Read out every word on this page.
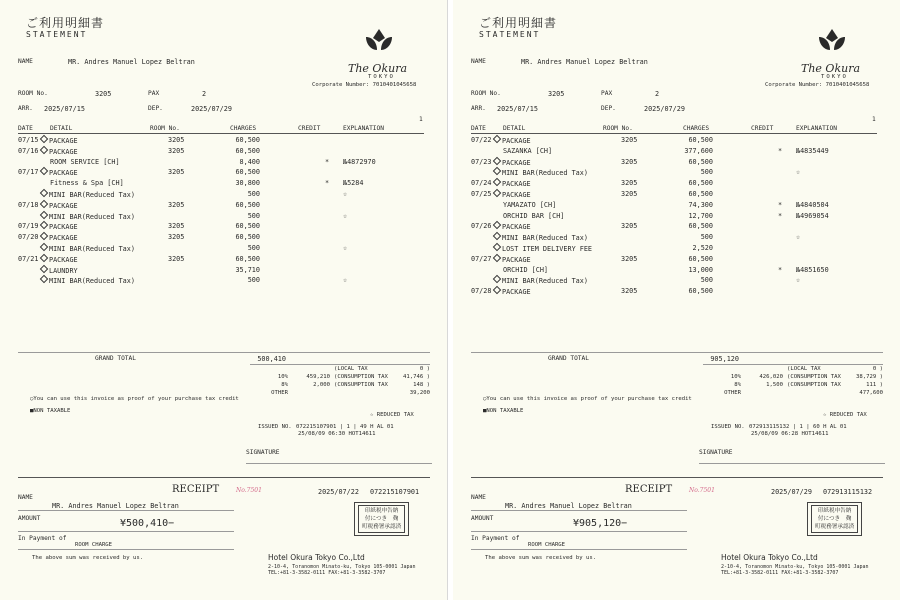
ご利用明細書
STATEMENT
The Okura
TOKYO
Corporate Number: 7010401045658
NAME	MR. Andres Manuel Lopez Beltran
ROOM No.	3205	PAX	2
ARR. 2025/07/15	DEP.	2025/07/29
1
DATE	DETAIL	ROOM No.	CHARGES	CREDIT	EXPLANATION
07/15	PACKAGE	3205	60,500
07/16	PACKAGE	3205	60,500
ROOM SERVICE [CH]	8,400	* №4872970
07/17	PACKAGE	3205	60,500
Fitness & Spa [CH]	30,800	* №5284
MINI BAR(Reduced Tax)	500	☆
07/18	PACKAGE	3205	60,500
MINI BAR(Reduced Tax)	500	☆
07/19	PACKAGE	3205	60,500
07/20	PACKAGE	3205	60,500
MINI BAR(Reduced Tax)	500	☆
07/21	PACKAGE	3205	60,500
LAUNDRY	35,710
MINI BAR(Reduced Tax)	500	☆
GRAND TOTAL	500,410
(LOCAL TAX	0 )
10%	459,210 (CONSUMPTION TAX	41,746 )
8%	2,000 (CONSUMPTION TAX	148 )
OTHER	39,200
○You can use this invoice as proof of your purchase tax credit
■NON TAXABLE
☆ REDUCED TAX
ISSUED NO. 072215107901 | 1 | 49 H AL 01
25/08/09 06:30 HOT14611
SIGNATURE
RECEIPT	No.7501	2025/07/22 072215107901
NAME
MR. Andres Manuel Lopez Beltran
AMOUNT	¥500,410−
In Payment of
ROOM CHARGE
The above sum was received by us.
印紙税申告納
付につき　麹
町税務署承認済
Hotel Okura Tokyo Co.,Ltd
2-10-4, Toranomon Minato-ku, Tokyo 105-0001 Japan
TEL:+81-3-3582-0111 FAX:+81-3-3582-3707
ご利用明細書
STATEMENT
The Okura
TOKYO
Corporate Number: 7010401045658
NAME	MR. Andres Manuel Lopez Beltran
ROOM No.	3205	PAX	2
ARR. 2025/07/15	DEP.	2025/07/29
1
DATE	DETAIL	ROOM No.	CHARGES	CREDIT	EXPLANATION
07/22	PACKAGE	3205	60,500
SAZANKA [CH]	377,600	* №4835449
07/23	PACKAGE	3205	60,500
MINI BAR(Reduced Tax)	500	☆
07/24	PACKAGE	3205	60,500
07/25	PACKAGE	3205	60,500
YAMAZATO [CH]	74,300	* №4840504
ORCHID BAR [CH]	12,700	* №4969054
07/26	PACKAGE	3205	60,500
MINI BAR(Reduced Tax)	500	☆
LOST ITEM DELIVERY FEE	2,520
07/27	PACKAGE	3205	60,500
ORCHID [CH]	13,000	* №4851650
MINI BAR(Reduced Tax)	500	☆
07/28	PACKAGE	3205	60,500
GRAND TOTAL	905,120
(LOCAL TAX	0 )
10%	426,020 (CONSUMPTION TAX	38,729 )
8%	1,500 (CONSUMPTION TAX	111 )
OTHER	477,600
○You can use this invoice as proof of your purchase tax credit
■NON TAXABLE
☆ REDUCED TAX
ISSUED NO. 072913115132 | 1 | 60 H AL 01
25/08/09 06:28 HOT14611
SIGNATURE
RECEIPT	No.7501	2025/07/29 072913115132
NAME
MR. Andres Manuel Lopez Beltran
AMOUNT	¥905,120−
In Payment of
ROOM CHARGE
The above sum was received by us.
印紙税申告納
付につき　麹
町税務署承認済
Hotel Okura Tokyo Co.,Ltd
2-10-4, Toranomon Minato-ku, Tokyo 105-0001 Japan
TEL:+81-3-3582-0111 FAX:+81-3-3582-3707
